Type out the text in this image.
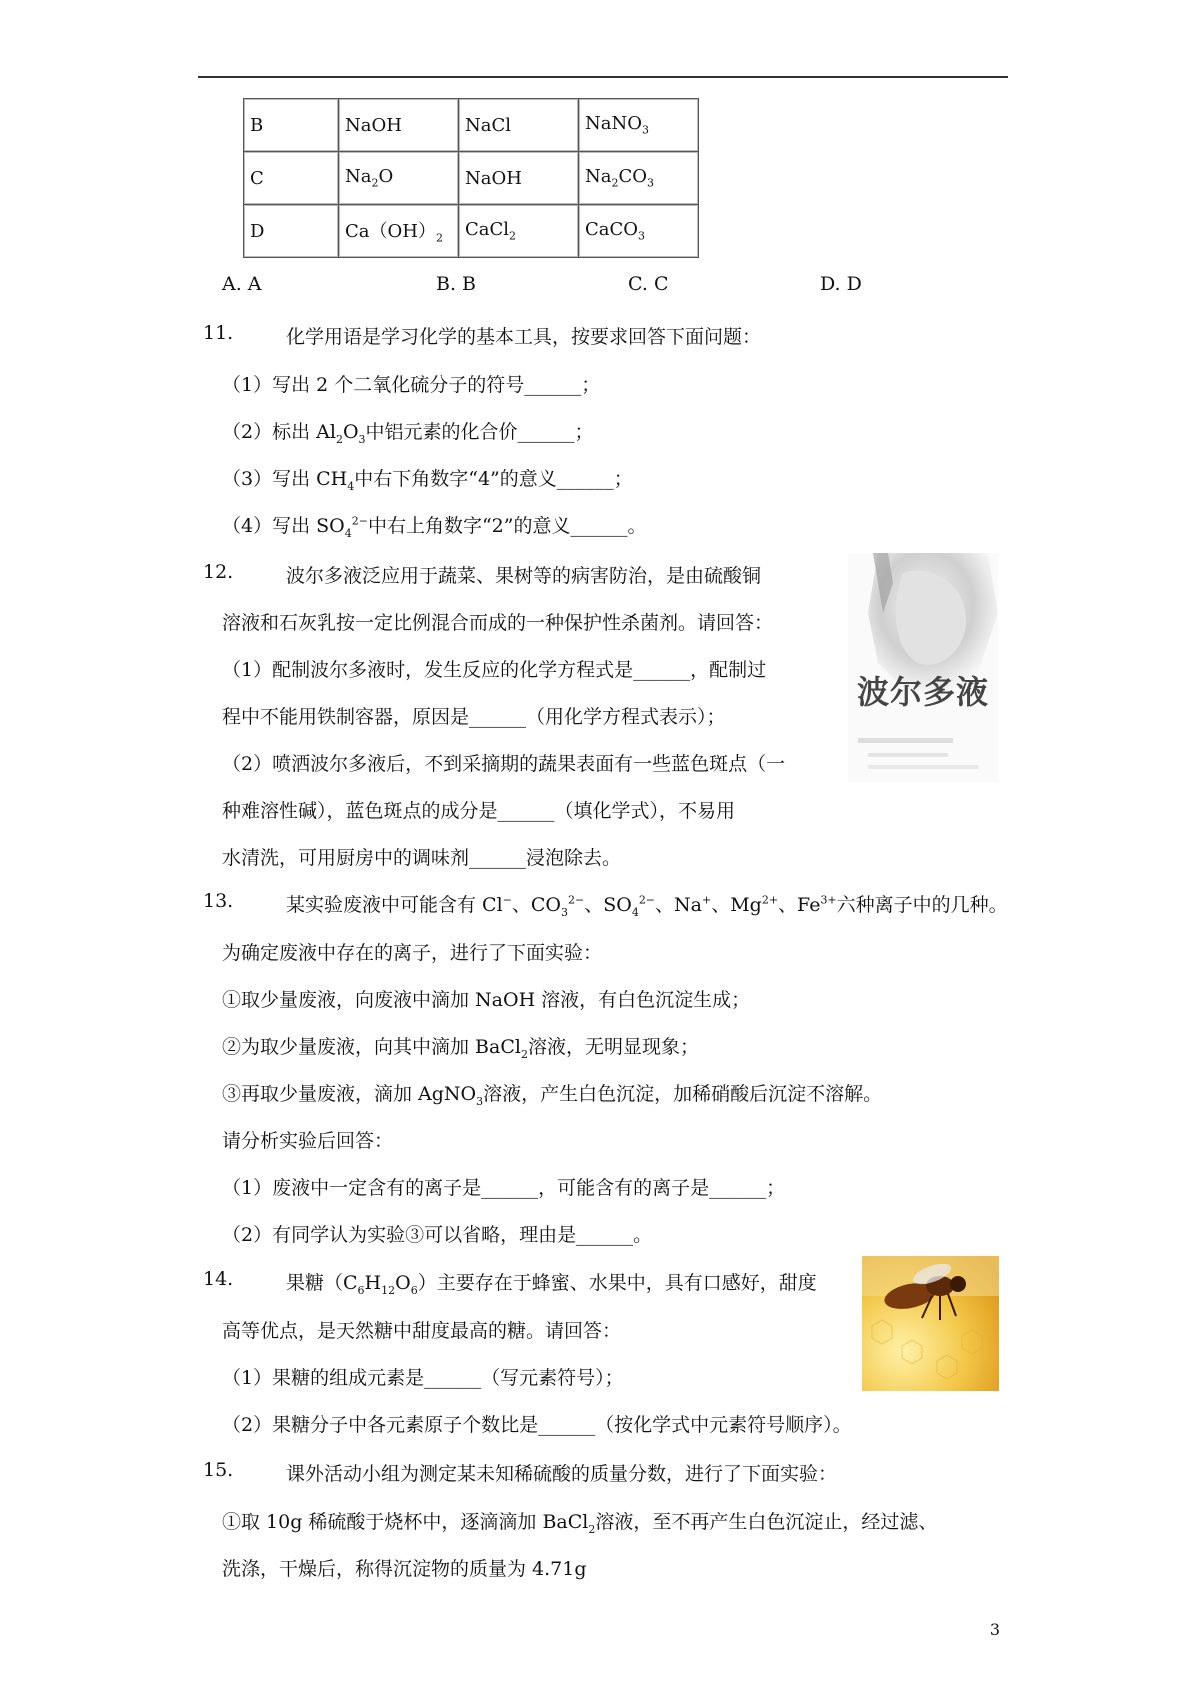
B	NaOH	NaCl	NaNO$_3$
C	$Na_2O$	NaOH	$Na_2CO_3$
D	$Ca(OH)_2$	CaCl$_2$	CaCO$_3$
A. A	B. B	C. C	D. D
11.	化学用语是学习化学的基本工具，按要求回答下面问题：
（1）写出 2 个二氧化硫分子的符号______；
（2）标出 $Al_2O_3$中铝元素的化合价______；
（3）写出 $CH_4$中右下角数字“4”的意义______；
（4）写出 $SO_4^{2-}$中右上角数字“2”的意义______。
12.	波尔多液泛应用于蔬菜、果树等的病害防治，是由硫酸铜
溶液和石灰乳按一定比例混合而成的一种保护性杀菌剂。请回答：
（1）配制波尔多液时，发生反应的化学方程式是______，配制过
程中不能用铁制容器，原因是______（用化学方程式表示）；
（2）喷洒波尔多液后，不到采摘期的蔬果表面有一些蓝色斑点（一
种难溶性碱），蓝色斑点的成分是______（填化学式），不易用
水清洗，可用厨房中的调味剂______浸泡除去。
波尔多液
13.	某实验废液中可能含有 Cl−、$CO_3^{2-}$、$SO_4^{2-}$、Na+、$Mg^{2+}$、$Fe^{3+}$六种离子中的几种。
为确定废液中存在的离子，进行了下面实验：
①取少量废液，向废液中滴加 NaOH 溶液，有白色沉淀生成；
②为取少量废液，向其中滴加 BaCl$_2$溶液，无明显现象；
③再取少量废液，滴加 AgNO$_3$溶液，产生白色沉淀，加稀硝酸后沉淀不溶解。
请分析实验后回答：
（1）废液中一定含有的离子是______，可能含有的离子是______；
（2）有同学认为实验③可以省略，理由是______。
14.	果糖$(C_6H_{12}O_6)$主要存在于蜂蜜、水果中，具有口感好，甜度
高等优点，是天然糖中甜度最高的糖。请回答：
（1）果糖的组成元素是______（写元素符号）；
（2）果糖分子中各元素原子个数比是______（按化学式中元素符号顺序）。
15.	课外活动小组为测定某未知稀硫酸的质量分数，进行了下面实验：
①取 10g 稀硫酸于烧杯中，逐滴滴加 BaCl$_2$溶液，至不再产生白色沉淀止，经过滤、
洗涤，干燥后，称得沉淀物的质量为 4.71g
3
